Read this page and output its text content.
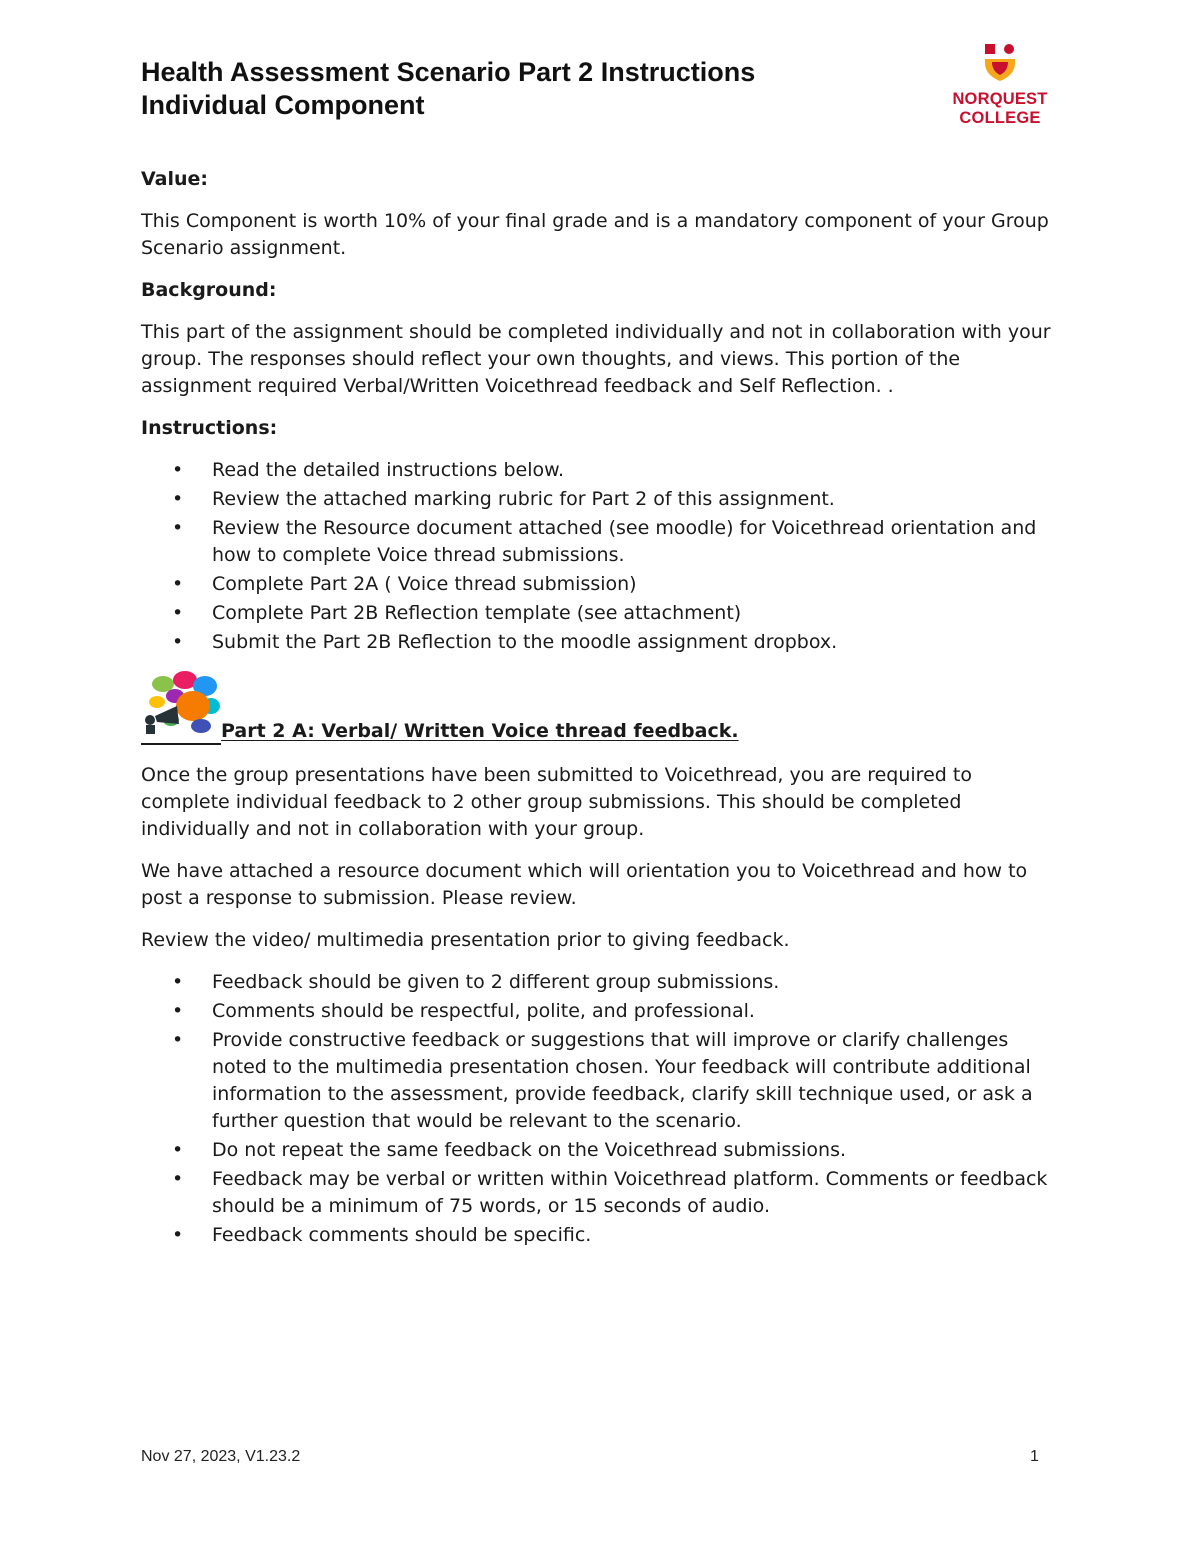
Health Assessment Scenario Part 2 Instructions
Individual Component	NORQUEST
COLLEGE

Value:

This Component is worth 10% of your final grade and is a mandatory component of your Group Scenario assignment.

Background:

This part of the assignment should be completed individually and not in collaboration with your group. The responses should reflect your own thoughts, and views. This portion of the assignment required Verbal/Written Voicethread feedback and Self Reflection. .

Instructions:

• Read the detailed instructions below.
• Review the attached marking rubric for Part 2 of this assignment.
• Review the Resource document attached (see moodle) for Voicethread orientation and how to complete Voice thread submissions.
• Complete Part 2A ( Voice thread submission)
• Complete Part 2B Reflection template (see attachment)
• Submit the Part 2B Reflection to the moodle assignment dropbox.
Part 2 A: Verbal/ Written Voice thread feedback.

Once the group presentations have been submitted to Voicethread, you are required to complete individual feedback to 2 other group submissions. This should be completed individually and not in collaboration with your group.

We have attached a resource document which will orientation you to Voicethread and how to post a response to submission. Please review.

Review the video/ multimedia presentation prior to giving feedback.

• Feedback should be given to 2 different group submissions.
• Comments should be respectful, polite, and professional.
• Provide constructive feedback or suggestions that will improve or clarify challenges noted to the multimedia presentation chosen. Your feedback will contribute additional information to the assessment, provide feedback, clarify skill technique used, or ask a further question that would be relevant to the scenario.
• Do not repeat the same feedback on the Voicethread submissions.
• Feedback may be verbal or written within Voicethread platform. Comments or feedback should be a minimum of 75 words, or 15 seconds of audio.
• Feedback comments should be specific.
Nov 27, 2023, V1.23.2	1
